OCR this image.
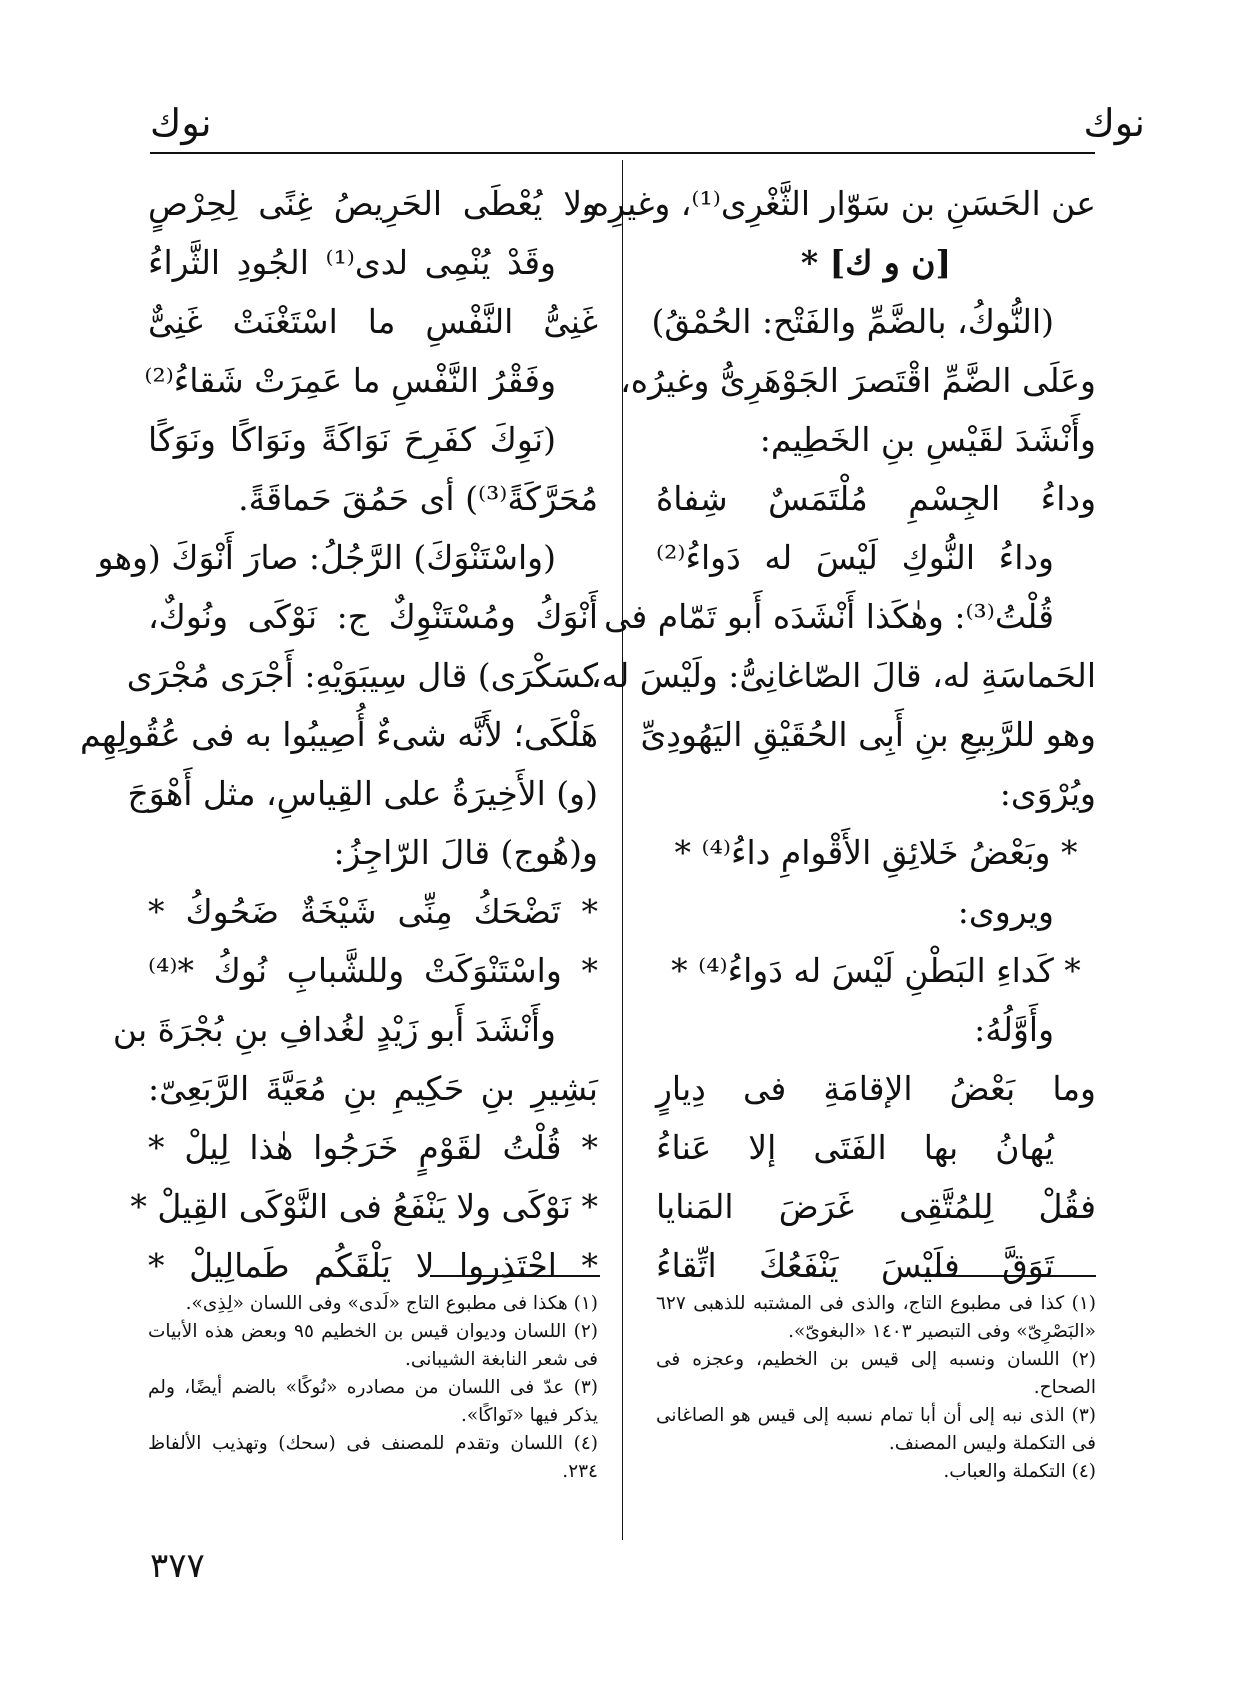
نوك
نوك
عن الحَسَنِ بن سَوّار الثَّغْرِى⁽¹⁾، وغيرِه.
[ن و ك] *
(النُّوكُ، بالضَّمِّ والفَتْح: الحُمْقُ)
وعَلَى الضَّمِّ اقْتَصرَ الجَوْهَرِىُّ وغيرُه،
وأَنْشَدَ لقَيْسِ بنِ الخَطِيم:
وداءُ الجِسْمِ مُلْتَمَسٌ شِفاهُ
وداءُ النُّوكِ لَيْسَ له دَواءُ⁽²⁾
قُلْتُ⁽³⁾: وهٰكَذا أَنْشَدَه أَبو تَمّام فى
الحَماسَةِ له، قالَ الصّاغانِىُّ: ولَيْسَ له،
وهو للرَّبِيعِ بنِ أَبِى الحُقَيْقِ اليَهُودِىِّ
ويُرْوَى:
* وبَعْضُ خَلائِقِ الأَقْوامِ داءُ⁽⁴⁾ *
ويروى:
* كَداءِ البَطْنِ لَيْسَ له دَواءُ⁽⁴⁾ *
وأَوَّلُهُ:
وما بَعْضُ الإقامَةِ فى دِيارٍ
يُهانُ بها الفَتَى إلا عَناءُ
فقُلْ لِلمُتَّقِى غَرَضَ المَنايا
تَوَقَّ فلَيْسَ يَنْفَعُكَ اتِّقاءُ
ولا يُعْطَى الحَرِيصُ غِنًى لِحِرْصٍ
وقَدْ يُنْمِى لدى⁽¹⁾ الجُودِ الثَّراءُ
غَنِىُّ النَّفْسِ ما اسْتَغْنَتْ غَنِىٌّ
وفَقْرُ النَّفْسِ ما عَمِرَتْ شَقاءُ⁽²⁾
(نَوِكَ كفَرِحَ نَوَاكَةً ونَوَاكًا ونَوَكًا
مُحَرَّكَةً⁽³⁾) أى حَمُقَ حَماقَةً.
(واسْتَنْوَكَ) الرَّجُلُ: صارَ أَنْوَكَ (وهو
أَنْوَكُ ومُسْتَنْوِكٌ ج: نَوْكَى ونُوكٌ،
كسَكْرَى) قال سِيبَوَيْهِ: أَجْرَى مُجْرَى
هَلْكَى؛ لأَنَّه شىءٌ أُصِيبُوا به فى عُقُولِهِم
(و) الأَخِيرَةُ على القِياسِ، مثل أَهْوَجَ
و(هُوج) قالَ الرّاجِزُ:
* تَضْحَكُ مِنِّى شَيْخَةٌ ضَحُوكُ *
* واسْتَنْوَكَتْ وللشَّبابِ نُوكُ *⁽⁴⁾
وأَنْشَدَ أَبو زَيْدٍ لغُدافِ بنِ بُجْرَةَ بن
بَشِيرِ بنِ حَكِيمِ بنِ مُعَيَّةَ الرَّبَعِىّ:
* قُلْتُ لقَوْمٍ خَرَجُوا هٰذا لِيلْ *
* نَوْكَى ولا يَنْفَعُ فى النَّوْكَى القِيلْ *
* احْتَذِروا لا يَلْقَكُم طَمالِيلْ *
(١) كذا فى مطبوع التاج، والذى فى المشتبه للذهبى ٦٢٧ «البَصْرِىّ» وفى التبصير ١٤٠٣ «البغوىّ».
(٢) اللسان ونسبه إلى قيس بن الخطيم، وعجزه فى الصحاح.
(٣) الذى نبه إلى أن أبا تمام نسبه إلى قيس هو الصاغانى فى التكملة وليس المصنف.
(٤) التكملة والعباب.
(١) هكذا فى مطبوع التاج «لَدى» وفى اللسان «لِذِى».
(٢) اللسان وديوان قيس بن الخطيم ٩٥ وبعض هذه الأبيات فى شعر النابغة الشيبانى.
(٣) عدّ فى اللسان من مصادره «نُوكًا» بالضم أيضًا، ولم يذكر فيها «نَواكًا».
(٤) اللسان وتقدم للمصنف فى (سحك) وتهذيب الألفاظ ٢٣٤.
٣٧٧
